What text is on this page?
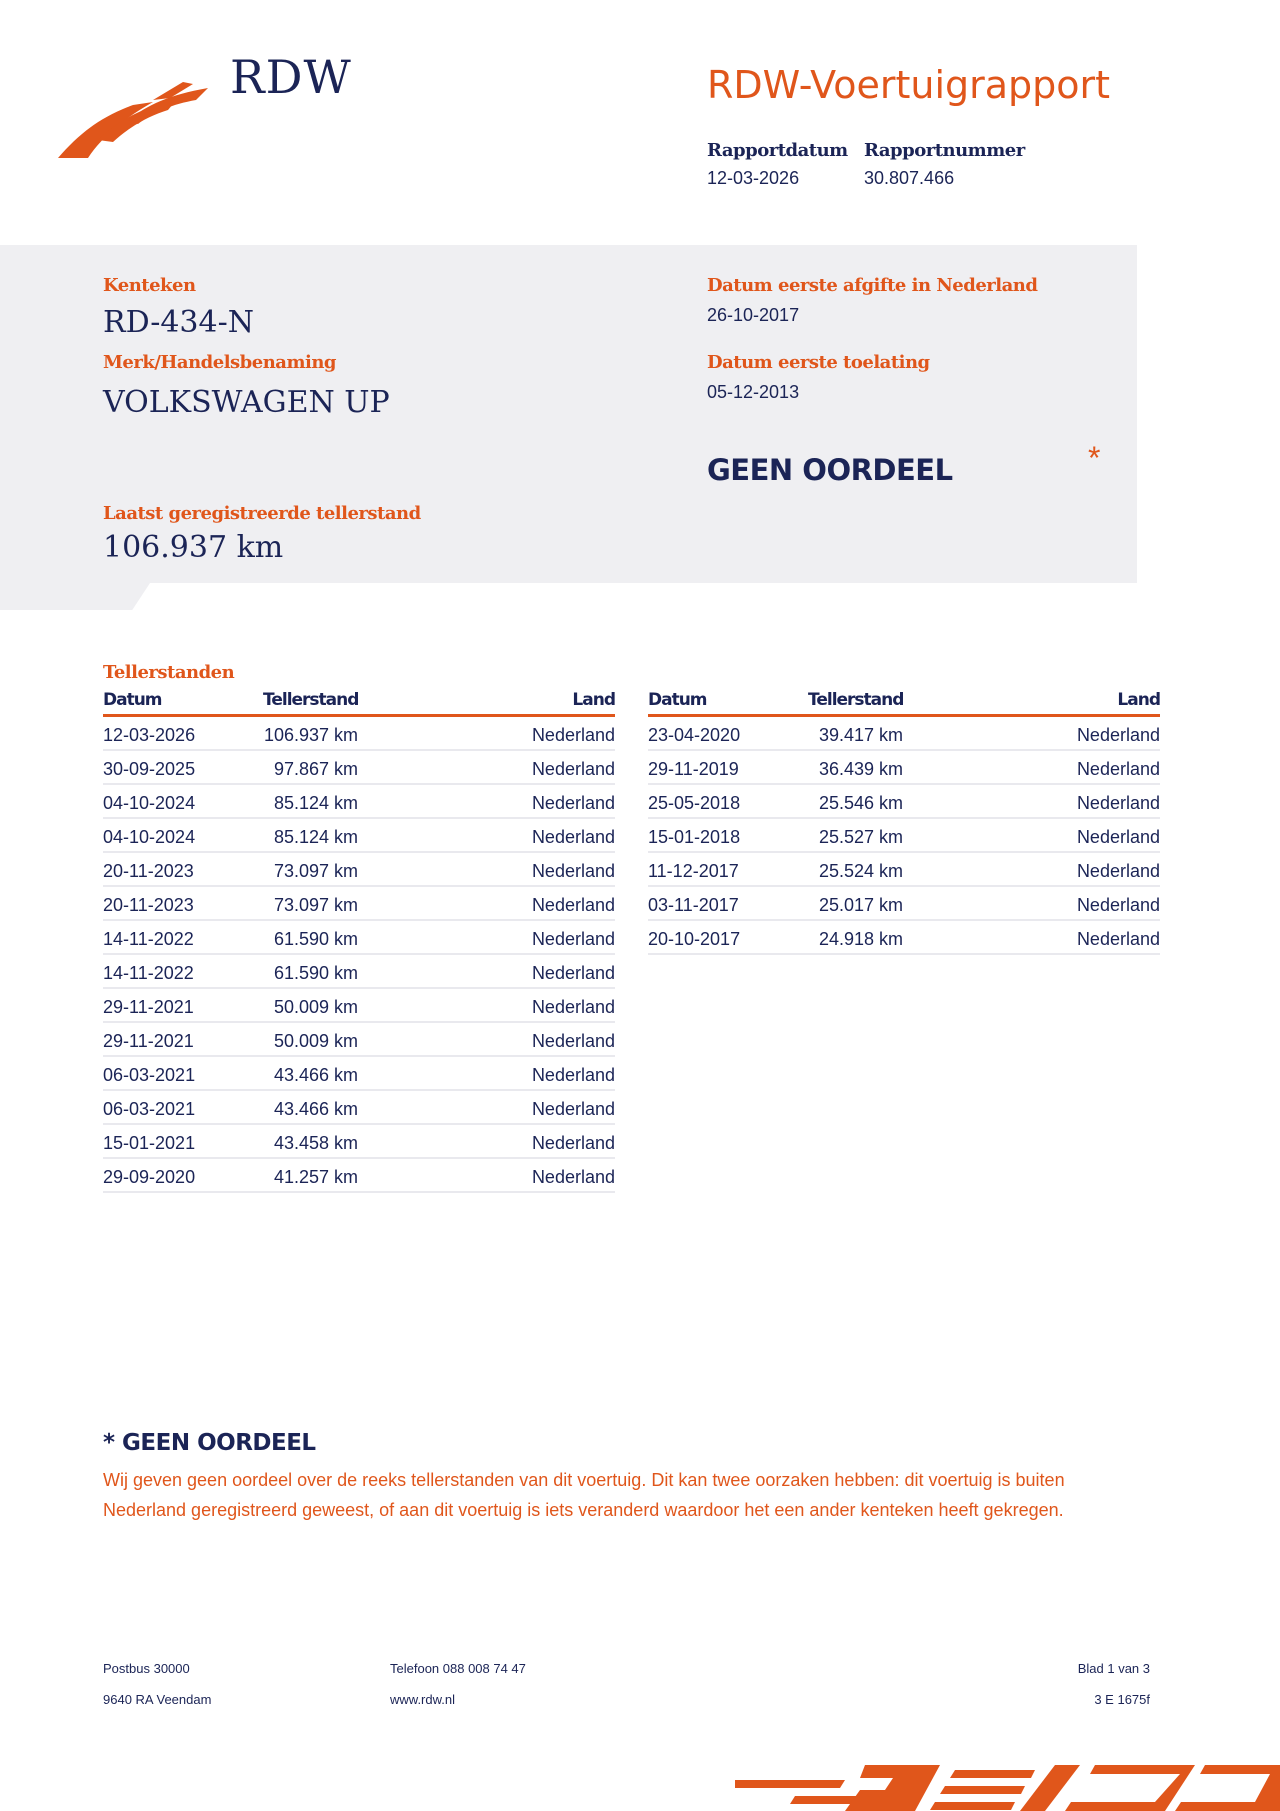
RDW	RDW-Voertuigrapport
Rapportdatum Rapportnummer
12-03-2026	30.807.466
Kenteken
RD-434-N
Merk/Handelsbenaming
VOLKSWAGEN UP
Laatst geregistreerde tellerstand
106.937 km
Datum eerste afgifte in Nederland
26-10-2017
Datum eerste toelating
05-12-2013
GEEN OORDEEL	*
Tellerstanden
Datum	Tellerstand	Land
12-03-2026	106.937 km	Nederland
30-09-2025	97.867 km	Nederland
04-10-2024	85.124 km	Nederland
04-10-2024	85.124 km	Nederland
20-11-2023	73.097 km	Nederland
20-11-2023	73.097 km	Nederland
14-11-2022	61.590 km	Nederland
14-11-2022	61.590 km	Nederland
29-11-2021	50.009 km	Nederland
29-11-2021	50.009 km	Nederland
06-03-2021	43.466 km	Nederland
06-03-2021	43.466 km	Nederland
15-01-2021	43.458 km	Nederland
29-09-2020	41.257 km	Nederland
Datum	Tellerstand	Land
23-04-2020	39.417 km	Nederland
29-11-2019	36.439 km	Nederland
25-05-2018	25.546 km	Nederland
15-01-2018	25.527 km	Nederland
11-12-2017	25.524 km	Nederland
03-11-2017	25.017 km	Nederland
20-10-2017	24.918 km	Nederland
* GEEN OORDEEL
Wij geven geen oordeel over de reeks tellerstanden van dit voertuig. Dit kan twee oorzaken hebben: dit voertuig is buiten Nederland geregistreerd geweest, of aan dit voertuig is iets veranderd waardoor het een ander kenteken heeft gekregen.
Postbus 30000
9640 RA Veendam
Telefoon 088 008 74 47
www.rdw.nl
Blad 1 van 3
3 E 1675f
